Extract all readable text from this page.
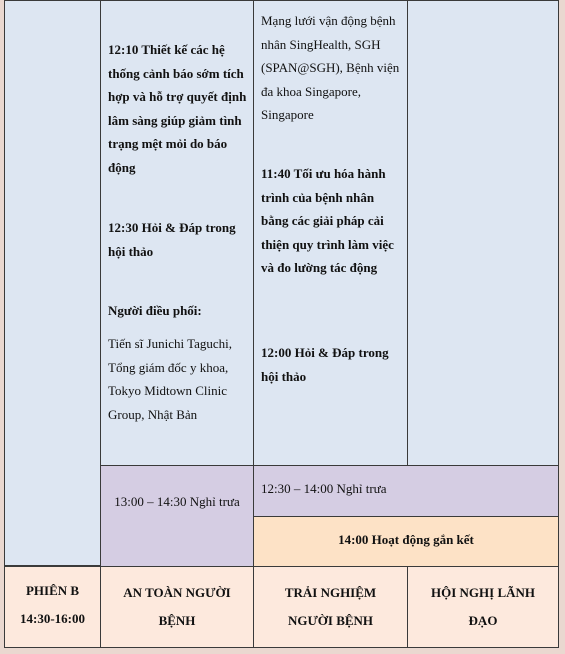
12:10 Thiết kế các hệ thống cảnh báo sớm tích hợp và hỗ trợ quyết định lâm sàng giúp giảm tình trạng mệt mỏi do báo động
12:30 Hỏi & Đáp trong hội thảo
Người điều phối:
Tiến sĩ Junichi Taguchi, Tổng giám đốc y khoa, Tokyo Midtown Clinic Group, Nhật Bản
Mạng lưới vận động bệnh nhân SingHealth, SGH (SPAN@SGH), Bệnh viện đa khoa Singapore, Singapore
11:40 Tối ưu hóa hành trình của bệnh nhân bằng các giải pháp cải thiện quy trình làm việc và đo lường tác động
12:00 Hỏi & Đáp trong hội thảo
13:00 – 14:30 Nghỉ trưa
12:30 – 14:00 Nghỉ trưa
14:00 Hoạt động gắn kết
PHIÊN B
14:30-16:00
AN TOÀN NGƯỜI BỆNH
TRẢI NGHIỆM NGƯỜI BỆNH
HỘI NGHỊ LÃNH ĐẠO
